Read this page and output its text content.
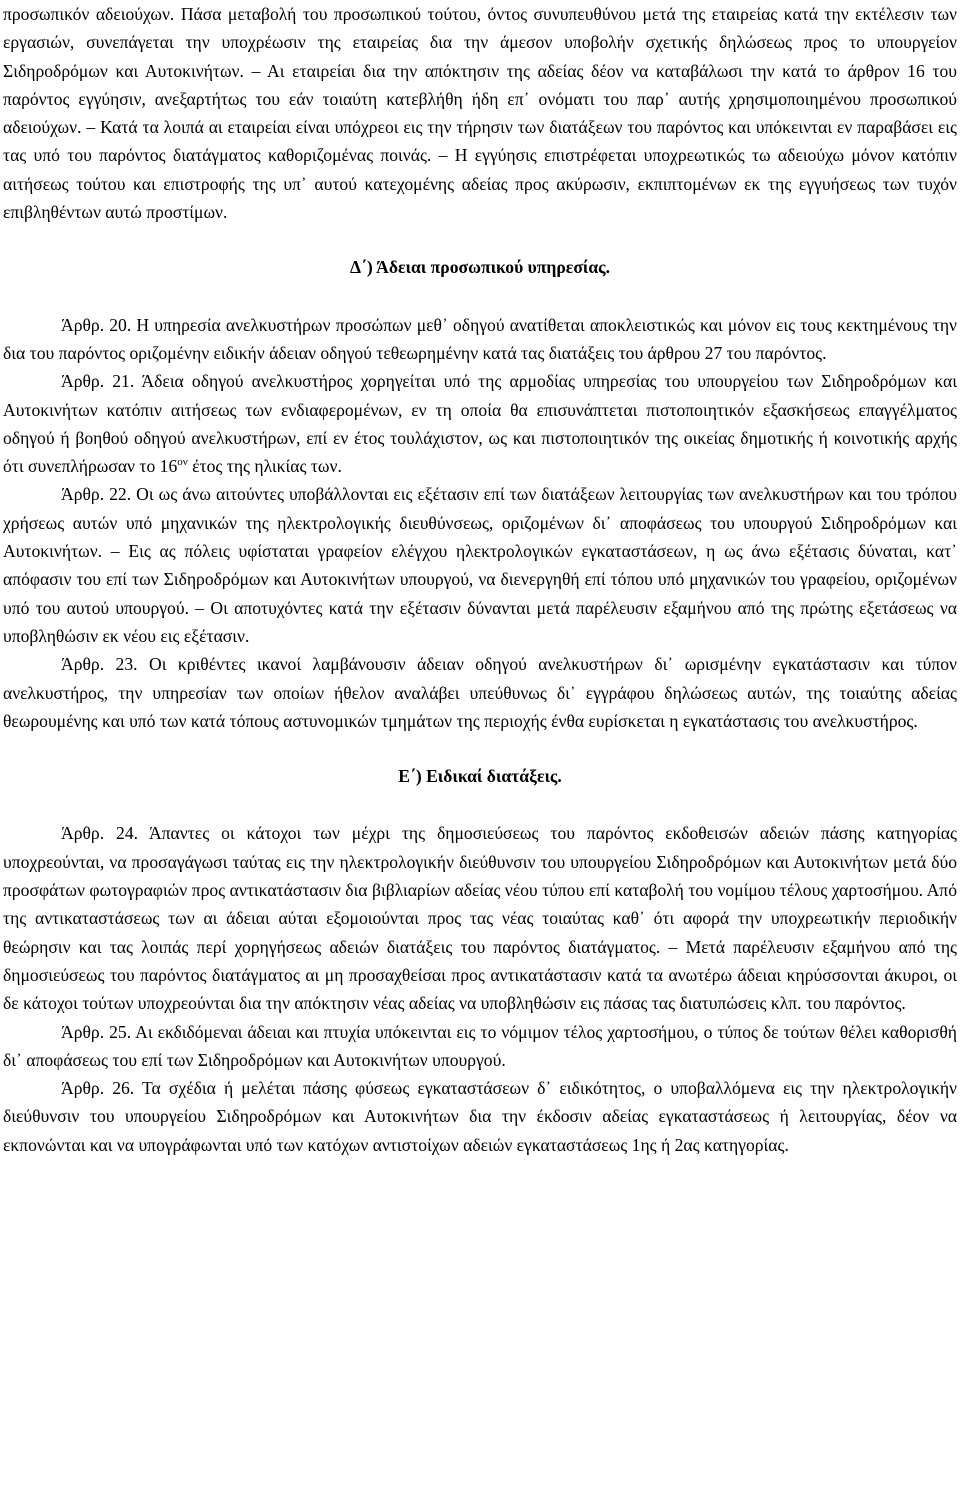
προσωπικόν αδειούχων. Πάσα μεταβολή του προσωπικού τούτου, όντος συνυπευθύνου μετά της εταιρείας κατά την εκτέλεσιν των εργασιών, συνεπάγεται την υποχρέωσιν της εταιρείας δια την άμεσον υποβολήν σχετικής δηλώσεως προς το υπουργείον Σιδηροδρόμων και Αυτοκινήτων. – Αι εταιρείαι δια την απόκτησιν της αδείας δέον να καταβάλωσι την κατά το άρθρον 16 του παρόντος εγγύησιν, ανεξαρτήτως του εάν τοιαύτη κατεβλήθη ήδη επ᾽ ονόματι του παρ᾽ αυτής χρησιμοποιημένου προσωπικού αδειούχων. – Κατά τα λοιπά αι εταιρείαι είναι υπόχρεοι εις την τήρησιν των διατάξεων του παρόντος και υπόκεινται εν παραβάσει εις τας υπό του παρόντος διατάγματος καθοριζομένας ποινάς. – Η εγγύησις επιστρέφεται υποχρεωτικώς τω αδειούχω μόνον κατόπιν αιτήσεως τούτου και επιστροφής της υπ᾽ αυτού κατεχομένης αδείας προς ακύρωσιν, εκπιπτομένων εκ της εγγυήσεως των τυχόν επιβληθέντων αυτώ προστίμων.

Δ΄) Άδειαι προσωπικού υπηρεσίας.

Άρθρ. 20. Η υπηρεσία ανελκυστήρων προσώπων μεθ᾽ οδηγού ανατίθεται αποκλειστικώς και μόνον εις τους κεκτημένους την δια του παρόντος οριζομένην ειδικήν άδειαν οδηγού τεθεωρημένην κατά τας διατάξεις του άρθρου 27 του παρόντος.

Άρθρ. 21. Άδεια οδηγού ανελκυστήρος χορηγείται υπό της αρμοδίας υπηρεσίας του υπουργείου των Σιδηροδρόμων και Αυτοκινήτων κατόπιν αιτήσεως των ενδιαφερομένων, εν τη οποία θα επισυνάπτεται πιστοποιητικόν εξασκήσεως επαγγέλματος οδηγού ή βοηθού οδηγού ανελκυστήρων, επί εν έτος τουλάχιστον, ως και πιστοποιητικόν της οικείας δημοτικής ή κοινοτικής αρχής ότι συνεπλήρωσαν το $16^{o\nu}$ έτος της ηλικίας των.

Άρθρ. 22. Οι ως άνω αιτούντες υποβάλλονται εις εξέτασιν επί των διατάξεων λειτουργίας των ανελκυστήρων και του τρόπου χρήσεως αυτών υπό μηχανικών της ηλεκτρολογικής διευθύνσεως, οριζομένων δι᾽ αποφάσεως του υπουργού Σιδηροδρόμων και Αυτοκινήτων. – Εις ας πόλεις υφίσταται γραφείον ελέγχου ηλεκτρολογικών εγκαταστάσεων, η ως άνω εξέτασις δύναται, κατ᾽ απόφασιν του επί των Σιδηροδρόμων και Αυτοκινήτων υπουργού, να διενεργηθή επί τόπου υπό μηχανικών του γραφείου, οριζομένων υπό του αυτού υπουργού. – Οι αποτυχόντες κατά την εξέτασιν δύνανται μετά παρέλευσιν εξαμήνου από της πρώτης εξετάσεως να υποβληθώσιν εκ νέου εις εξέτασιν.

Άρθρ. 23. Οι κριθέντες ικανοί λαμβάνουσιν άδειαν οδηγού ανελκυστήρων δι᾽ ωρισμένην εγκατάστασιν και τύπον ανελκυστήρος, την υπηρεσίαν των οποίων ήθελον αναλάβει υπεύθυνως δι᾽ εγγράφου δηλώσεως αυτών, της τοιαύτης αδείας θεωρουμένης και υπό των κατά τόπους αστυνομικών τμημάτων της περιοχής ένθα ευρίσκεται η εγκατάστασις του ανελκυστήρος.

Ε΄) Ειδικαί διατάξεις.

Άρθρ. 24. Άπαντες οι κάτοχοι των μέχρι της δημοσιεύσεως του παρόντος εκδοθεισών αδειών πάσης κατηγορίας υποχρεούνται, να προσαγάγωσι ταύτας εις την ηλεκτρολογικήν διεύθυνσιν του υπουργείου Σιδηροδρόμων και Αυτοκινήτων μετά δύο προσφάτων φωτογραφιών προς αντικατάστασιν δια βιβλιαρίων αδείας νέου τύπου επί καταβολή του νομίμου τέλους χαρτοσήμου. Από της αντικαταστάσεως των αι άδειαι αύται εξομοιούνται προς τας νέας τοιαύτας καθ᾽ ότι αφορά την υποχρεωτικήν περιοδικήν θεώρησιν και τας λοιπάς περί χορηγήσεως αδειών διατάξεις του παρόντος διατάγματος. – Μετά παρέλευσιν εξαμήνου από της δημοσιεύσεως του παρόντος διατάγματος αι μη προσαχθείσαι προς αντικατάστασιν κατά τα ανωτέρω άδειαι κηρύσσονται άκυροι, οι δε κάτοχοι τούτων υποχρεούνται δια την απόκτησιν νέας αδείας να υποβληθώσιν εις πάσας τας διατυπώσεις κλπ. του παρόντος.

Άρθρ. 25. Αι εκδιδόμεναι άδειαι και πτυχία υπόκεινται εις το νόμιμον τέλος χαρτοσήμου, ο τύπος δε τούτων θέλει καθορισθή δι᾽ αποφάσεως του επί των Σιδηροδρόμων και Αυτοκινήτων υπουργού.

Άρθρ. 26. Τα σχέδια ή μελέται πάσης φύσεως εγκαταστάσεων δ᾽ ειδικότητος, ο υποβαλλόμενα εις την ηλεκτρολογικήν διεύθυνσιν του υπουργείου Σιδηροδρόμων και Αυτοκινήτων δια την έκδοσιν αδείας εγκαταστάσεως ή λειτουργίας, δέον να εκπονώνται και να υπογράφωνται υπό των κατόχων αντιστοίχων αδειών εγκαταστάσεως 1ης ή 2ας κατηγορίας.
